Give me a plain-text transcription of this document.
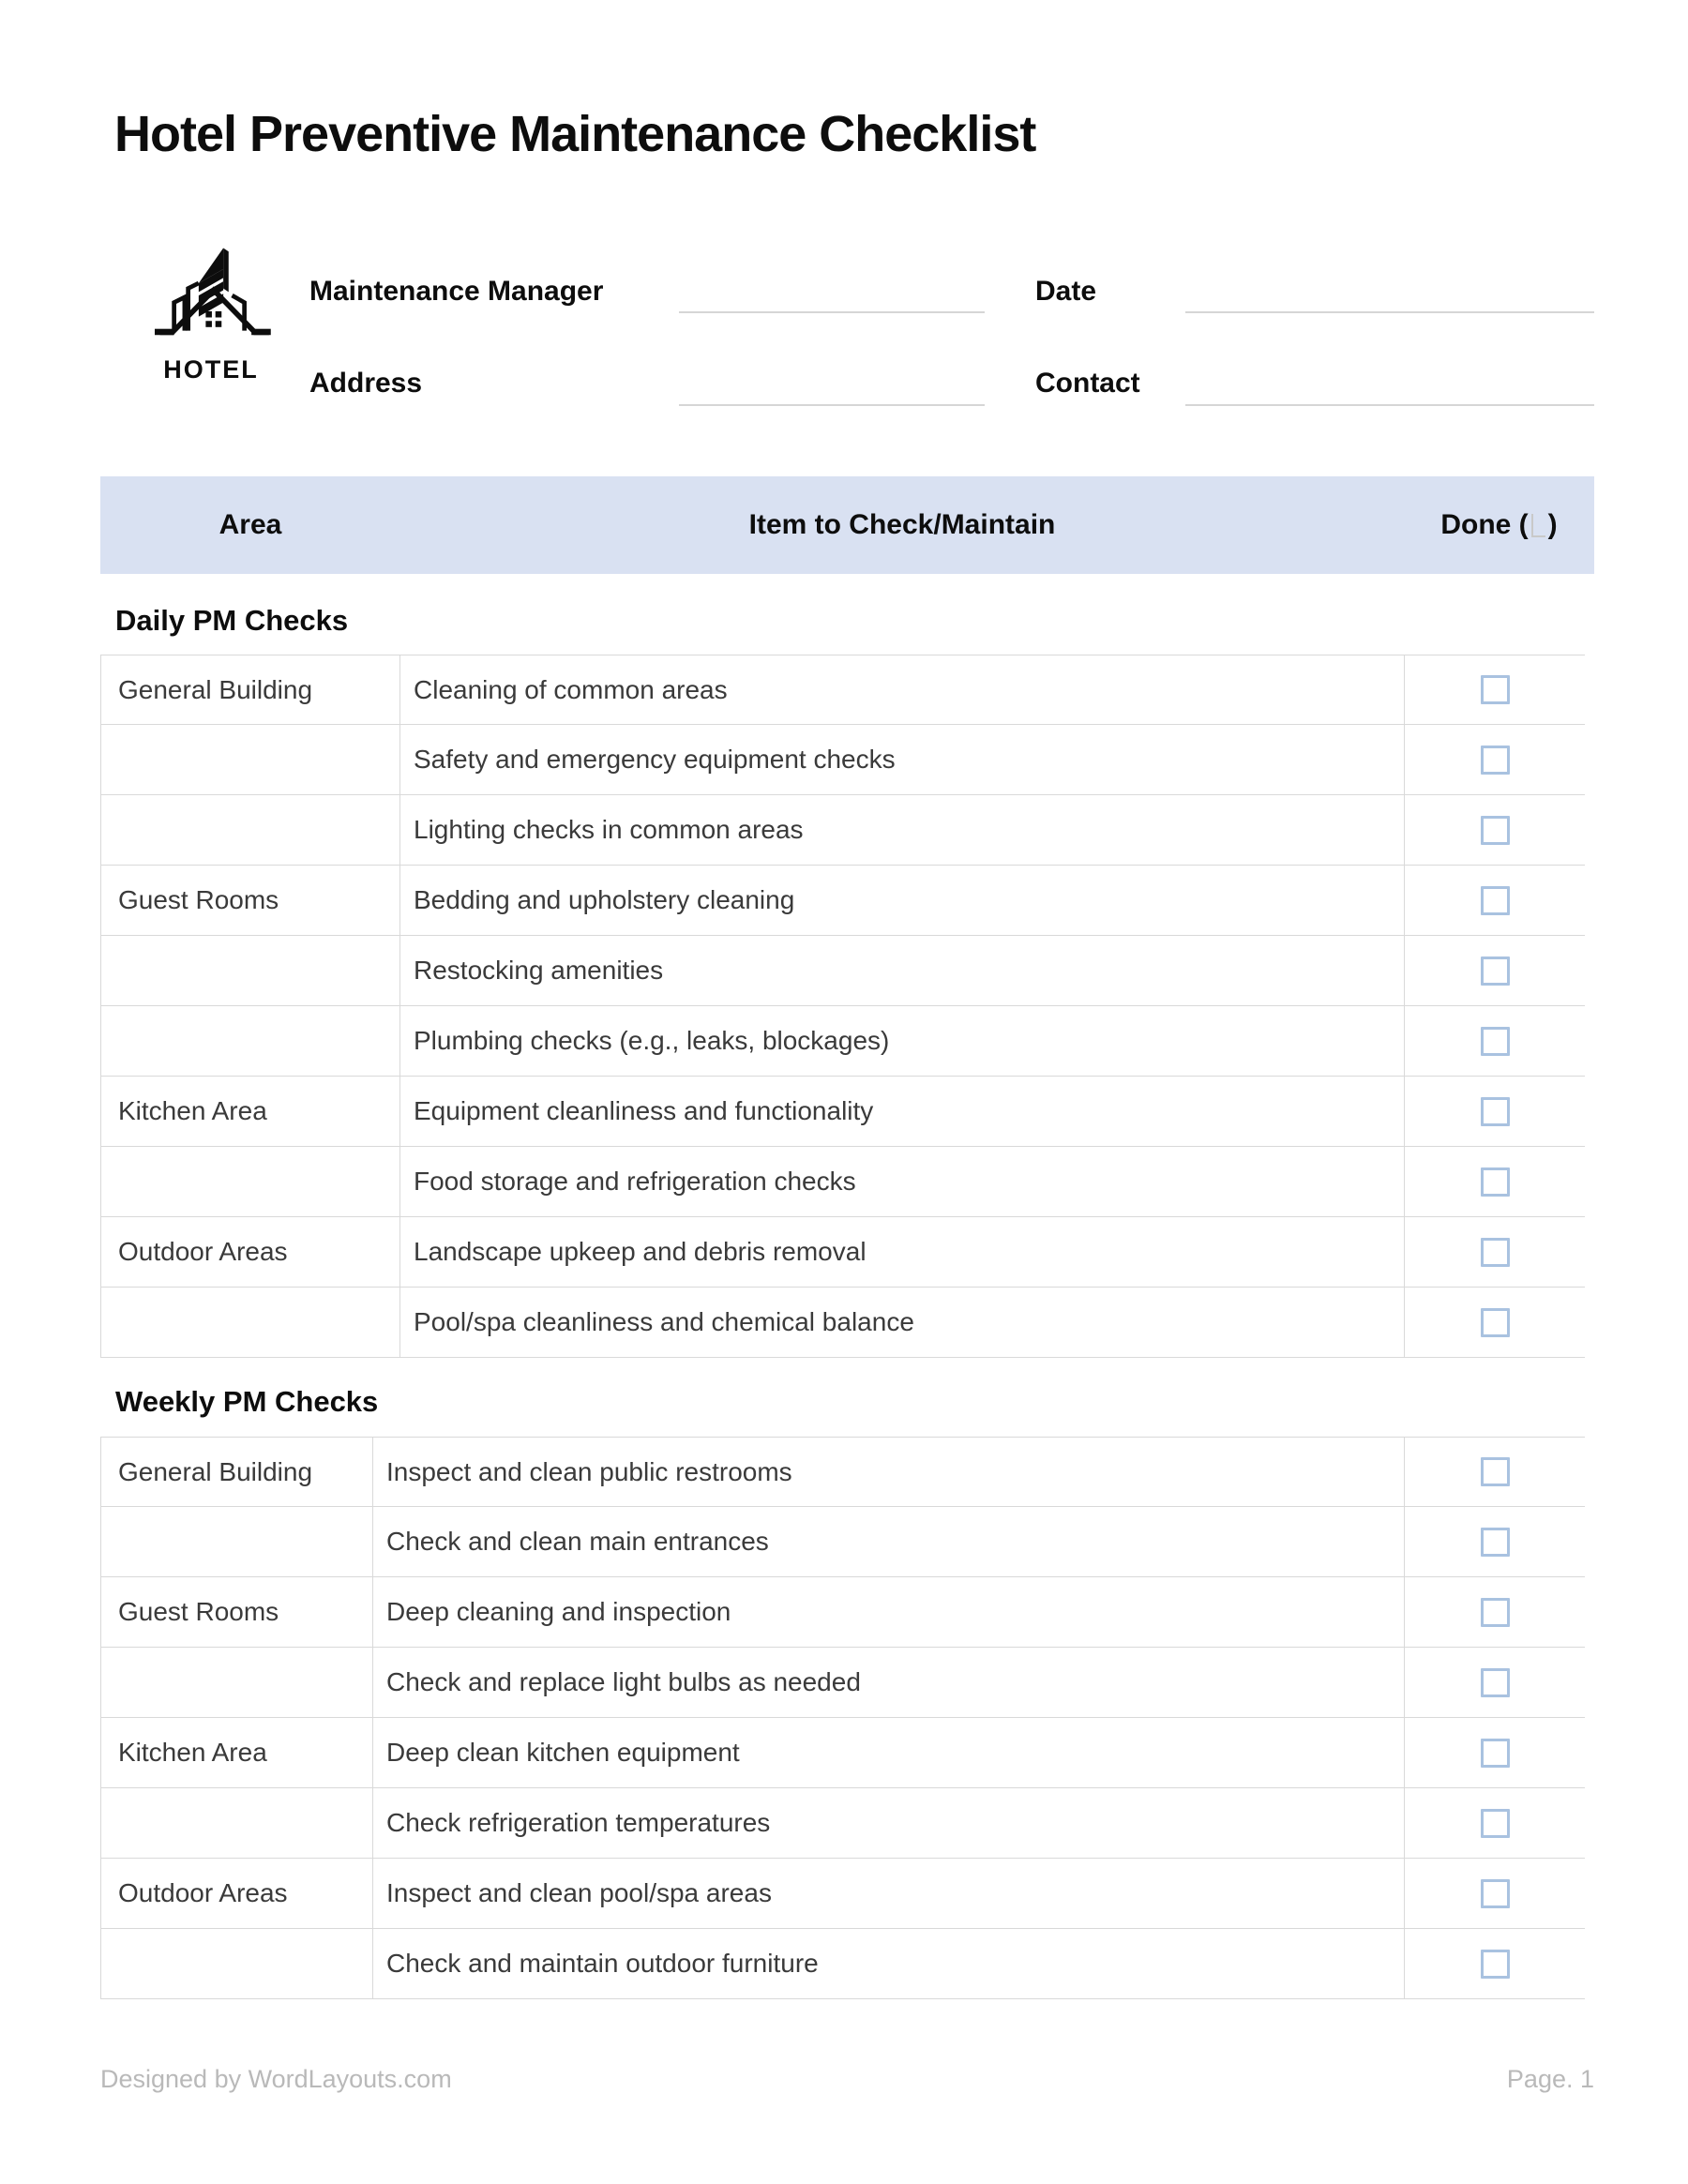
Hotel Preventive Maintenance Checklist
HOTEL
Maintenance Manager	Date
Address	Contact
Area	Item to Check/Maintain	Done ( )
Daily PM Checks
General Building	Cleaning of common areas
Safety and emergency equipment checks
Lighting checks in common areas
Guest Rooms	Bedding and upholstery cleaning
Restocking amenities
Plumbing checks (e.g., leaks, blockages)
Kitchen Area	Equipment cleanliness and functionality
Food storage and refrigeration checks
Outdoor Areas	Landscape upkeep and debris removal
Pool/spa cleanliness and chemical balance
Weekly PM Checks
General Building	Inspect and clean public restrooms
Check and clean main entrances
Guest Rooms	Deep cleaning and inspection
Check and replace light bulbs as needed
Kitchen Area	Deep clean kitchen equipment
Check refrigeration temperatures
Outdoor Areas	Inspect and clean pool/spa areas
Check and maintain outdoor furniture
Designed by WordLayouts.com	Page. 1
